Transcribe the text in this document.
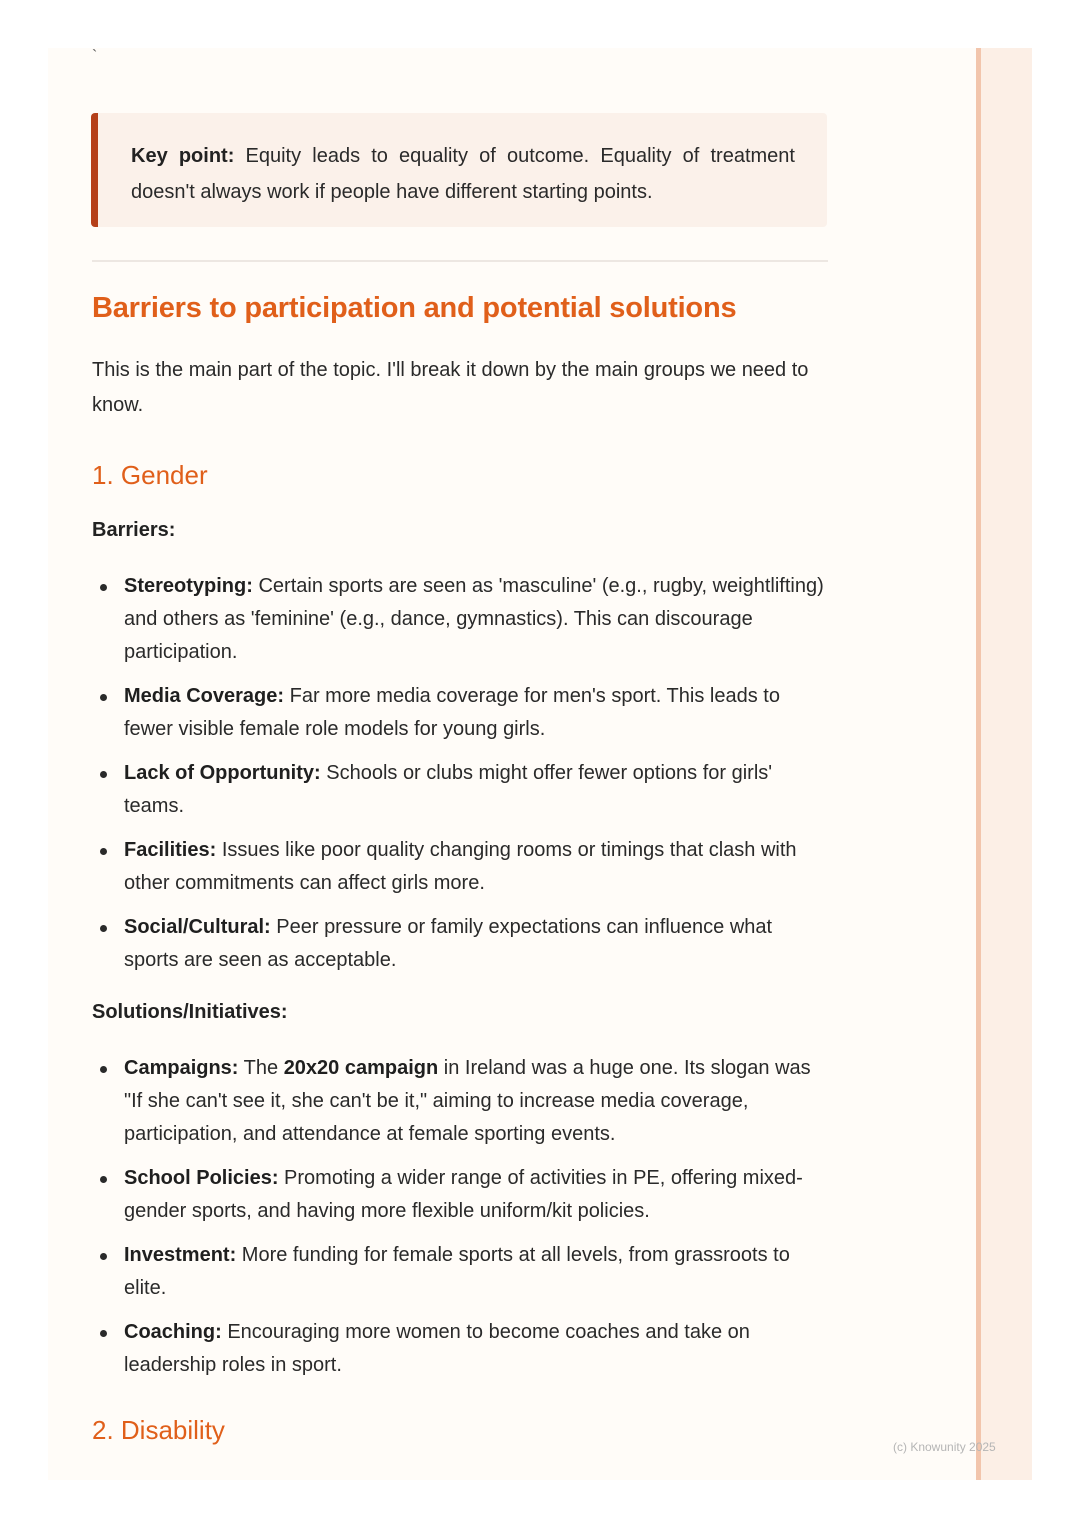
`
Key point: Equity leads to equality of outcome. Equality of treatment doesn't always work if people have different starting points.
Barriers to participation and potential solutions

This is the main part of the topic. I'll break it down by the main groups we need to know.

1. Gender

Barriers:

Stereotyping: Certain sports are seen as 'masculine' (e.g., rugby, weightlifting) and others as 'feminine' (e.g., dance, gymnastics). This can discourage participation.
Media Coverage: Far more media coverage for men's sport. This leads to fewer visible female role models for young girls.
Lack of Opportunity: Schools or clubs might offer fewer options for girls' teams.
Facilities: Issues like poor quality changing rooms or timings that clash with other commitments can affect girls more.
Social/Cultural: Peer pressure or family expectations can influence what sports are seen as acceptable.

Solutions/Initiatives:

Campaigns: The 20x20 campaign in Ireland was a huge one. Its slogan was "If she can't see it, she can't be it," aiming to increase media coverage, participation, and attendance at female sporting events.
School Policies: Promoting a wider range of activities in PE, offering mixed-gender sports, and having more flexible uniform/kit policies.
Investment: More funding for female sports at all levels, from grassroots to elite.
Coaching: Encouraging more women to become coaches and take on leadership roles in sport.
2. Disability
(c) Knowunity 2025
